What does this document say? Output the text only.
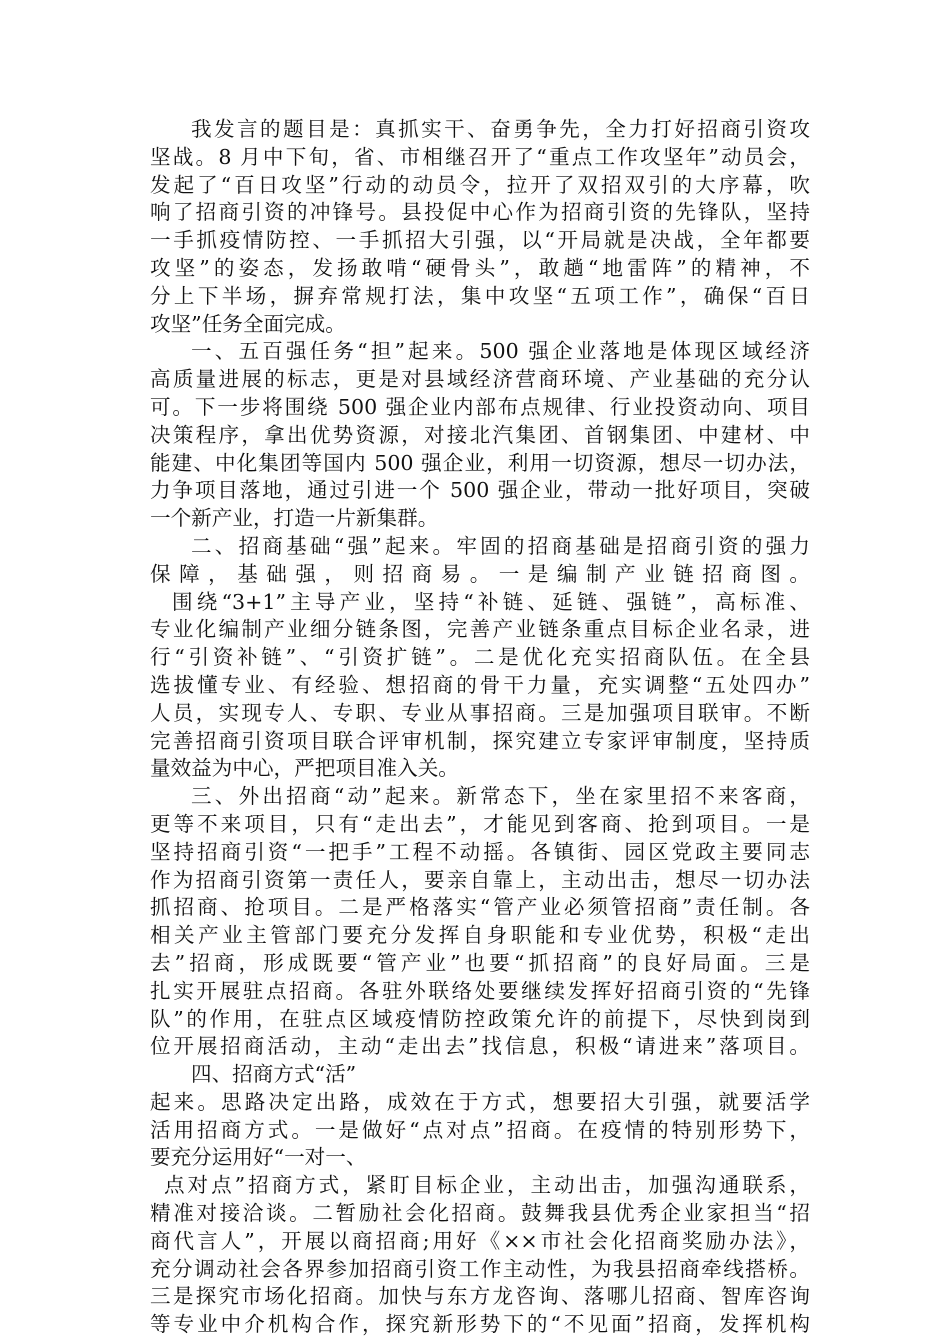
我发言的题目是：真抓实干、奋勇争先，全力打好招商引资攻
坚战。8 月中下旬，省、市相继召开了“重点工作攻坚年”动员会，
发起了“百日攻坚”行动的动员令，拉开了双招双引的大序幕，吹
响了招商引资的冲锋号。县投促中心作为招商引资的先锋队，坚持
一手抓疫情防控、一手抓招大引强，以“开局就是决战，全年都要
攻坚”的姿态，发扬敢啃“硬骨头”，敢趟“地雷阵”的精神，不
分上下半场，摒弃常规打法，集中攻坚“五项工作”，确保“百日
攻坚”任务全面完成。
一、五百强任务“担”起来。500 强企业落地是体现区域经济
高质量进展的标志，更是对县域经济营商环境、产业基础的充分认
可。下一步将围绕 500 强企业内部布点规律、行业投资动向、项目
决策程序，拿出优势资源，对接北汽集团、首钢集团、中建材、中
能建、中化集团等国内 500 强企业，利用一切资源，想尽一切办法，
力争项目落地，通过引进一个 500 强企业，带动一批好项目，突破
一个新产业，打造一片新集群。
二、招商基础“强”起来。牢固的招商基础是招商引资的强力
保障，基础强，则招商易。一是编制产业链招商图。
围绕“3+1”主导产业，坚持“补链、延链、强链”，高标准、
专业化编制产业细分链条图，完善产业链条重点目标企业名录，进
行“引资补链”、“引资扩链”。二是优化充实招商队伍。在全县
选拔懂专业、有经验、想招商的骨干力量，充实调整“五处四办”
人员，实现专人、专职、专业从事招商。三是加强项目联审。不断
完善招商引资项目联合评审机制，探究建立专家评审制度，坚持质
量效益为中心，严把项目准入关。
三、外出招商“动”起来。新常态下，坐在家里招不来客商，
更等不来项目，只有“走出去”，才能见到客商、抢到项目。一是
坚持招商引资“一把手”工程不动摇。各镇街、园区党政主要同志
作为招商引资第一责任人，要亲自靠上，主动出击，想尽一切办法
抓招商、抢项目。二是严格落实“管产业必须管招商”责任制。各
相关产业主管部门要充分发挥自身职能和专业优势，积极“走出
去”招商，形成既要“管产业”也要“抓招商”的良好局面。三是
扎实开展驻点招商。各驻外联络处要继续发挥好招商引资的“先锋
队”的作用，在驻点区域疫情防控政策允许的前提下，尽快到岗到
位开展招商活动，主动“走出去”找信息，积极“请进来”落项目。
四、招商方式“活”
起来。思路决定出路，成效在于方式，想要招大引强，就要活学
活用招商方式。一是做好“点对点”招商。在疫情的特别形势下，
要充分运用好“一对一、
点对点”招商方式，紧盯目标企业，主动出击，加强沟通联系，
精准对接洽谈。二暂励社会化招商。鼓舞我县优秀企业家担当“招
商代言人”，开展以商招商;用好《××市社会化招商奖励办法》，
充分调动社会各界参加招商引资工作主动性，为我县招商牵线搭桥。
三是探究市场化招商。加快与东方龙咨询、落哪儿招商、智库咨询
等专业中介机构合作，探究新形势下的“不见面”招商，发挥机构
